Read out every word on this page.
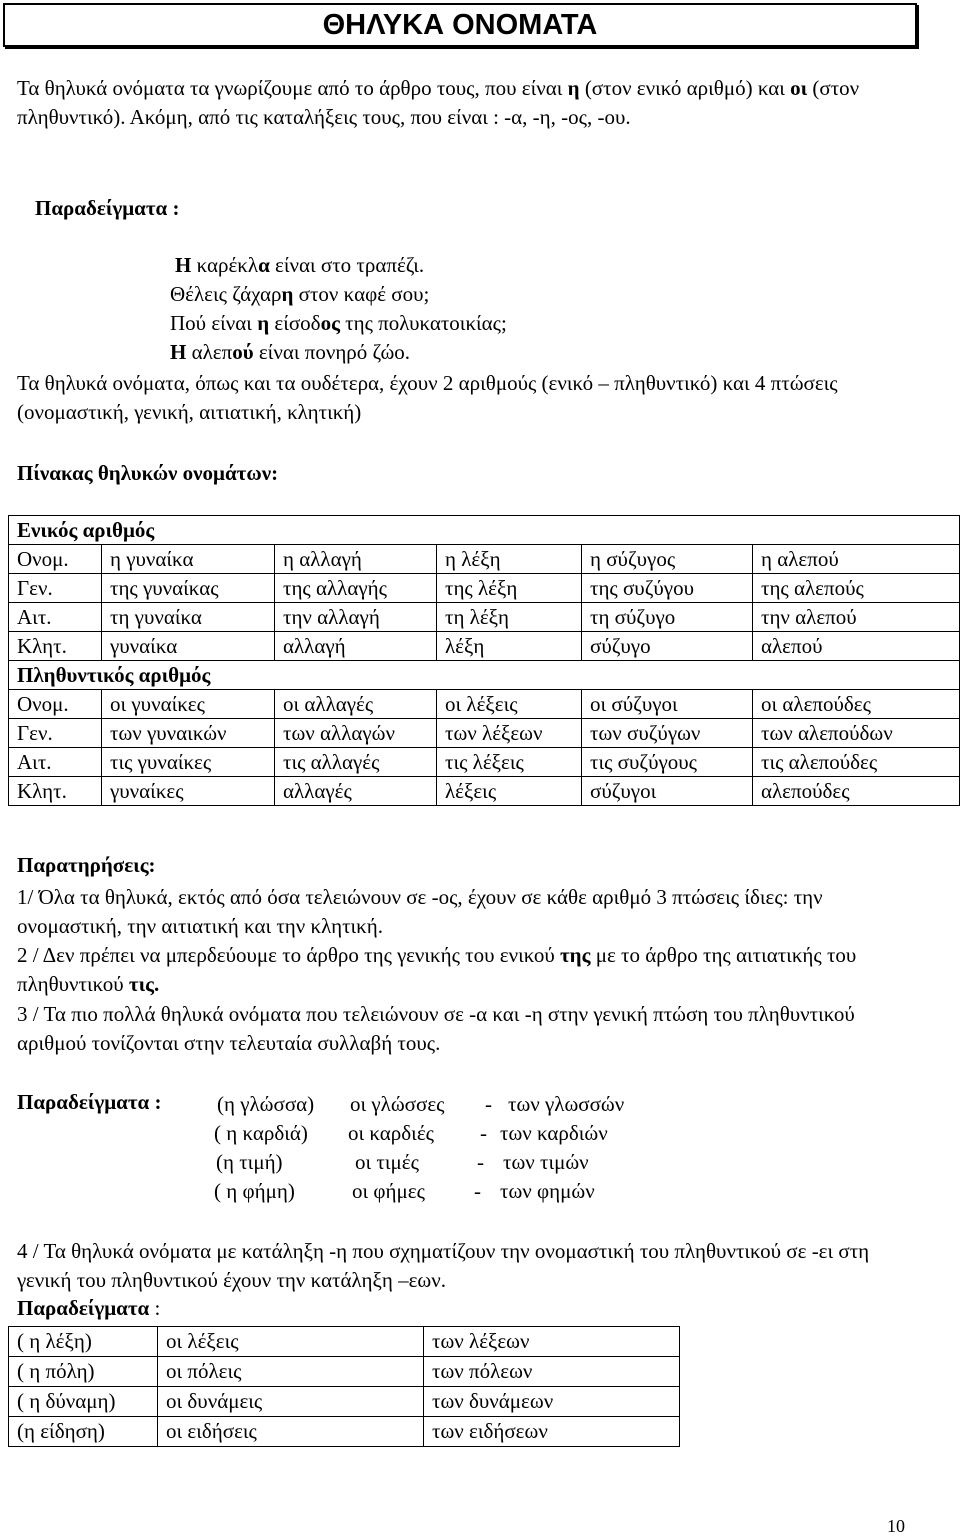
ΘΗΛΥΚΑ ΟΝΟΜΑΤΑ
Τα θηλυκά ονόματα τα γνωρίζουμε από το άρθρο τους, που είναι η (στον ενικό αριθμό) και οι (στον πληθυντικό). Ακόμη, από τις καταλήξεις τους, που είναι : -α, -η, -ος, -ου.
Παραδείγματα :
Η καρέκλα είναι στο τραπέζι.
Θέλεις ζάχαρη στον καφέ σου;
Πού είναι η είσοδος της πολυκατοικίας;
Η αλεπού είναι πονηρό ζώο.
Τα θηλυκά ονόματα, όπως και τα ουδέτερα, έχουν 2 αριθμούς (ενικό – πληθυντικό) και 4 πτώσεις (ονομαστική, γενική, αιτιατική, κλητική)
Πίνακας θηλυκών ονομάτων:
Ενικός αριθμός					
Ονομ.	η γυναίκα	η αλλαγή	η λέξη	η σύζυγος	η αλεπού
Γεν.	της γυναίκας	της αλλαγής	της λέξη	της συζύγου	της αλεπούς
Αιτ.	τη γυναίκα	την αλλαγή	τη λέξη	τη σύζυγο	την αλεπού
Κλητ.	γυναίκα	αλλαγή	λέξη	σύζυγο	αλεπού
Πληθυντικός αριθμός					
Ονομ.	οι γυναίκες	οι αλλαγές	οι λέξεις	οι σύζυγοι	οι αλεπούδες
Γεν.	των γυναικών	των αλλαγών	των λέξεων	των συζύγων	των αλεπούδων
Αιτ.	τις γυναίκες	τις αλλαγές	τις λέξεις	τις συζύγους	τις αλεπούδες
Κλητ.	γυναίκες	αλλαγές	λέξεις	σύζυγοι	αλεπούδες
Παρατηρήσεις:
1/ Όλα τα θηλυκά, εκτός από όσα τελειώνουν σε -ος, έχουν σε κάθε αριθμό 3 πτώσεις ίδιες: την ονομαστική, την αιτιατική και την κλητική.
2 / Δεν πρέπει να μπερδεύουμε το άρθρο της γενικής του ενικού της με το άρθρο της αιτιατικής του πληθυντικού τις.
3 / Τα πιο πολλά θηλυκά ονόματα που τελειώνουν σε -α και -η στην γενική πτώση του πληθυντικού αριθμού τονίζονται στην τελευταία συλλαβή τους.
Παραδείγματα :	(η γλώσσα) οι γλώσσες - των γλωσσών
( η καρδιά) οι καρδιές - των καρδιών
(η τιμή)	οι τιμές	- των τιμών
( η φήμη)	οι φήμες - των φημών
4 / Τα θηλυκά ονόματα με κατάληξη -η που σχηματίζουν την ονομαστική του πληθυντικού σε -ει στη γενική του πληθυντικού έχουν την κατάληξη –εων.
Παραδείγματα :
( η λέξη)	οι λέξεις	των λέξεων
( η πόλη)	οι πόλεις	των πόλεων
( η δύναμη)	οι δυνάμεις	των δυνάμεων
(η είδηση)	οι ειδήσεις	των ειδήσεων
10
